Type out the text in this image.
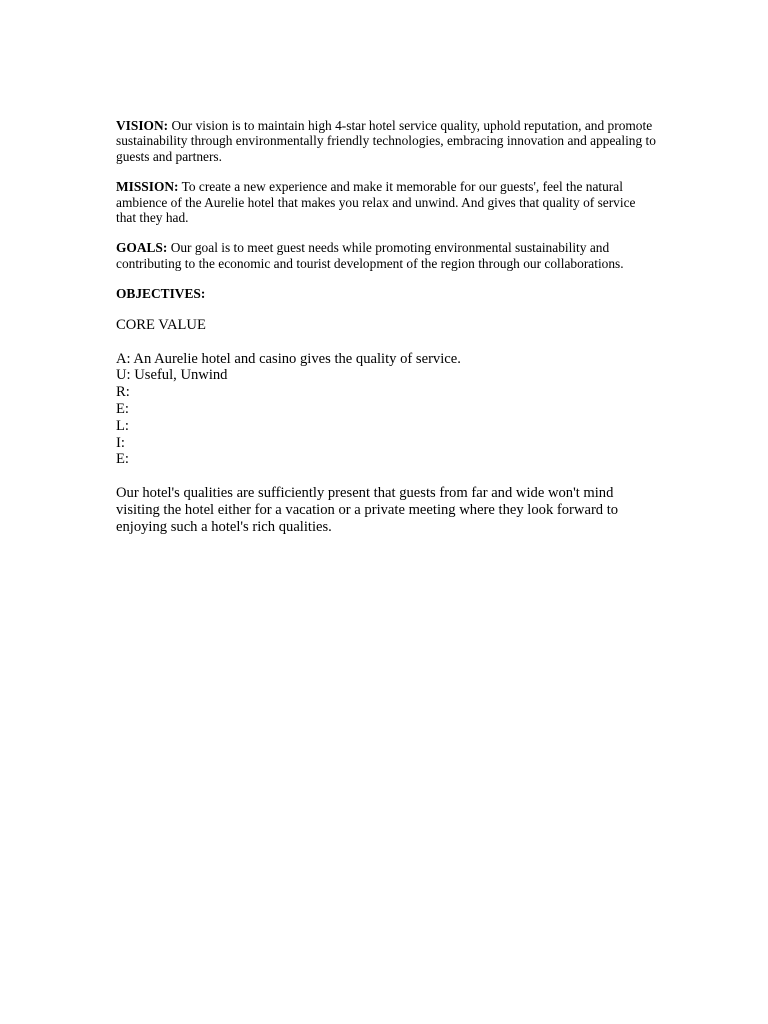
VISION: Our vision is to maintain high 4-star hotel service quality, uphold reputation, and promote sustainability through environmentally friendly technologies, embracing innovation and appealing to guests and partners.

MISSION: To create a new experience and make it memorable for our guests', feel the natural ambience of the Aurelie hotel that makes you relax and unwind. And gives that quality of service that they had.

GOALS: Our goal is to meet guest needs while promoting environmental sustainability and contributing to the economic and tourist development of the region through our collaborations.

OBJECTIVES:

CORE VALUE

A: An Aurelie hotel and casino gives the quality of service.
U: Useful, Unwind
R:
E:
L:
I:
E:

Our hotel's qualities are sufficiently present that guests from far and wide won't mind visiting the hotel either for a vacation or a private meeting where they look forward to enjoying such a hotel's rich qualities.
